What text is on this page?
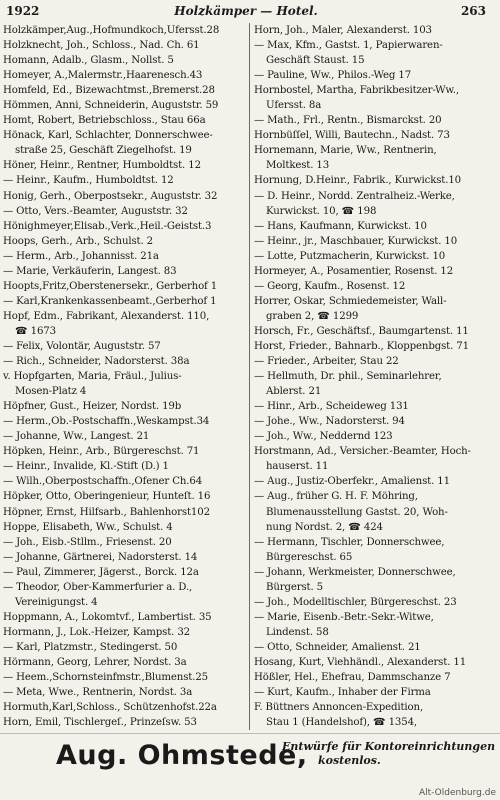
1922	Holzkämper — Hotel.	263
Holzkämper,Aug.,Hofmundkoch,Ufersst.28
Holzknecht, Joh., Schloss., Nad. Ch. 61
Homann, Adalb., Glasm., Nollst. 5
Homeyer, A.,Malermstr.,Haarenesch.43
Homfeld, Ed., Bizewachtmst.,Bremerst.28
Hömmen, Anni, Schneiderin, Auguststr. 59
Homt, Robert, Betriebschloss., Stau 66a
Hönack, Karl, Schlachter, Donnerschwee-
straße 25, Geschäft Ziegelhofst. 19
Höner, Heinr., Rentner, Humboldtst. 12
— Heinr., Kaufm., Humboldtst. 12
Honig, Gerh., Oberpostsekr., Auguststr. 32
— Otto, Vers.-Beamter, Auguststr. 32
Hönighmeyer,Elisab.,Verk.,Heil.-Geistst.3
Hoops, Gerh., Arb., Schulst. 2
— Herm., Arb., Johannisst. 21a
— Marie, Verkäuferin, Langest. 83
Hoopts,Fritz,Oberstenersekr., Gerberhof 1
— Karl,Krankenkassenbeamt.,Gerberhof 1
Hopf, Edm., Fabrikant, Alexanderst. 110,
☎ 1673
— Felix, Volontär, Auguststr. 57
— Rich., Schneider, Nadorsterst. 38a
v. Hopfgarten, Maria, Fräul., Julius-
Mosen-Platz 4
Höpfner, Gust., Heizer, Nordst. 19b
— Herm.,Ob.-Postschaffn.,Weskampst.34
— Johanne, Ww., Langest. 21
Höpken, Heinr., Arb., Bürgereschst. 71
— Heinr., Invalide, Kl.-Stift (D.) 1
— Wilh.,Oberpostschaffn.,Ofener Ch.64
Höpker, Otto, Oberingenieur, Hunteſt. 16
Höpner, Ernst, Hilfsarb., Bahlenhorst102
Hoppe, Elisabeth, Ww., Schulst. 4
— Joh., Eisb.-Stllm., Friesenst. 20
— Johanne, Gärtnerei, Nadorsterst. 14
— Paul, Zimmerer, Jägerst., Borck. 12a
— Theodor, Ober-Kammerfurier a. D.,
Vereinigungst. 4
Hoppmann, A., Lokomtvf., Lambertist. 35
Hormann, J., Lok.-Heizer, Kampst. 32
— Karl, Platzmstr., Stedingerst. 50
Hörmann, Georg, Lehrer, Nordst. 3a
— Heem.,Schornsteinfmstr.,Blumenst.25
— Meta, Wwe., Rentnerin, Nordst. 3a
Hormuth,Karl,Schloss., Schützenhofst.22a
Horn, Emil, Tischlergeſ., Prinzeſsw. 53
Horn, Joh., Maler, Alexanderst. 103
— Max, Kfm., Gastst. 1, Papierwaren-
Geschäft Staust. 15
— Pauline, Ww., Philos.-Weg 17
Hornbostel, Martha, Fabrikbesitzer-Ww.,
Ufersst. 8a
— Math., Frl., Rentn., Bismarckst. 20
Hornbüſſel, Willi, Bautechn., Nadst. 73
Hornemann, Marie, Ww., Rentnerin,
Moltkest. 13
Hornung, D.Heinr., Fabrik., Kurwickst.10
— D. Heinr., Nordd. Zentralheiz.-Werke,
Kurwickst. 10, ☎ 198
— Hans, Kaufmann, Kurwickst. 10
— Heinr., jr., Maschbauer, Kurwickst. 10
— Lotte, Putzmacherin, Kurwickst. 10
Hormeyer, A., Posamentier, Rosenst. 12
— Georg, Kaufm., Rosenst. 12
Horrer, Oskar, Schmiedemeister, Wall-
graben 2, ☎ 1299
Horsch, Fr., Geschäftsf., Baumgartenst. 11
Horst, Frieder., Bahnarb., Kloppenbgst. 71
— Frieder., Arbeiter, Stau 22
— Hellmuth, Dr. phil., Seminarlehrer,
Ablerst. 21
— Hinr., Arb., Scheideweg 131
— Johe., Ww., Nadorsterst. 94
— Joh., Ww., Neddernd 123
Horstmann, Ad., Versicher.-Beamter, Hoch-
hauserst. 11
— Aug., Justiz-Oberfekr., Amalienst. 11
— Aug., früher G. H. F. Möhring,
Blumenausstellung Gastst. 20, Woh-
nung Nordst. 2, ☎ 424
— Hermann, Tischler, Donnerschwee,
Bürgereschst. 65
— Johann, Werkmeister, Donnerschwee,
Bürgerst. 5
— Joh., Modelltischler, Bürgereschst. 23
— Marie, Eisenb.-Betr.-Sekr.-Witwe,
Lindenst. 58
— Otto, Schneider, Amalienst. 21
Hosang, Kurt, Viehhändl., Alexanderst. 11
Hößler, Hel., Ehefrau, Dammschanze 7
— Kurt, Kaufm., Inhaber der Firma
F. Büttners Annoncen-Expedition,
Stau 1 (Handelshof), ☎ 1354,
Aug. Ohmstede,
Entwürfe für Kontoreinrichtungen
kostenlos.
Alt-Oldenburg.de
